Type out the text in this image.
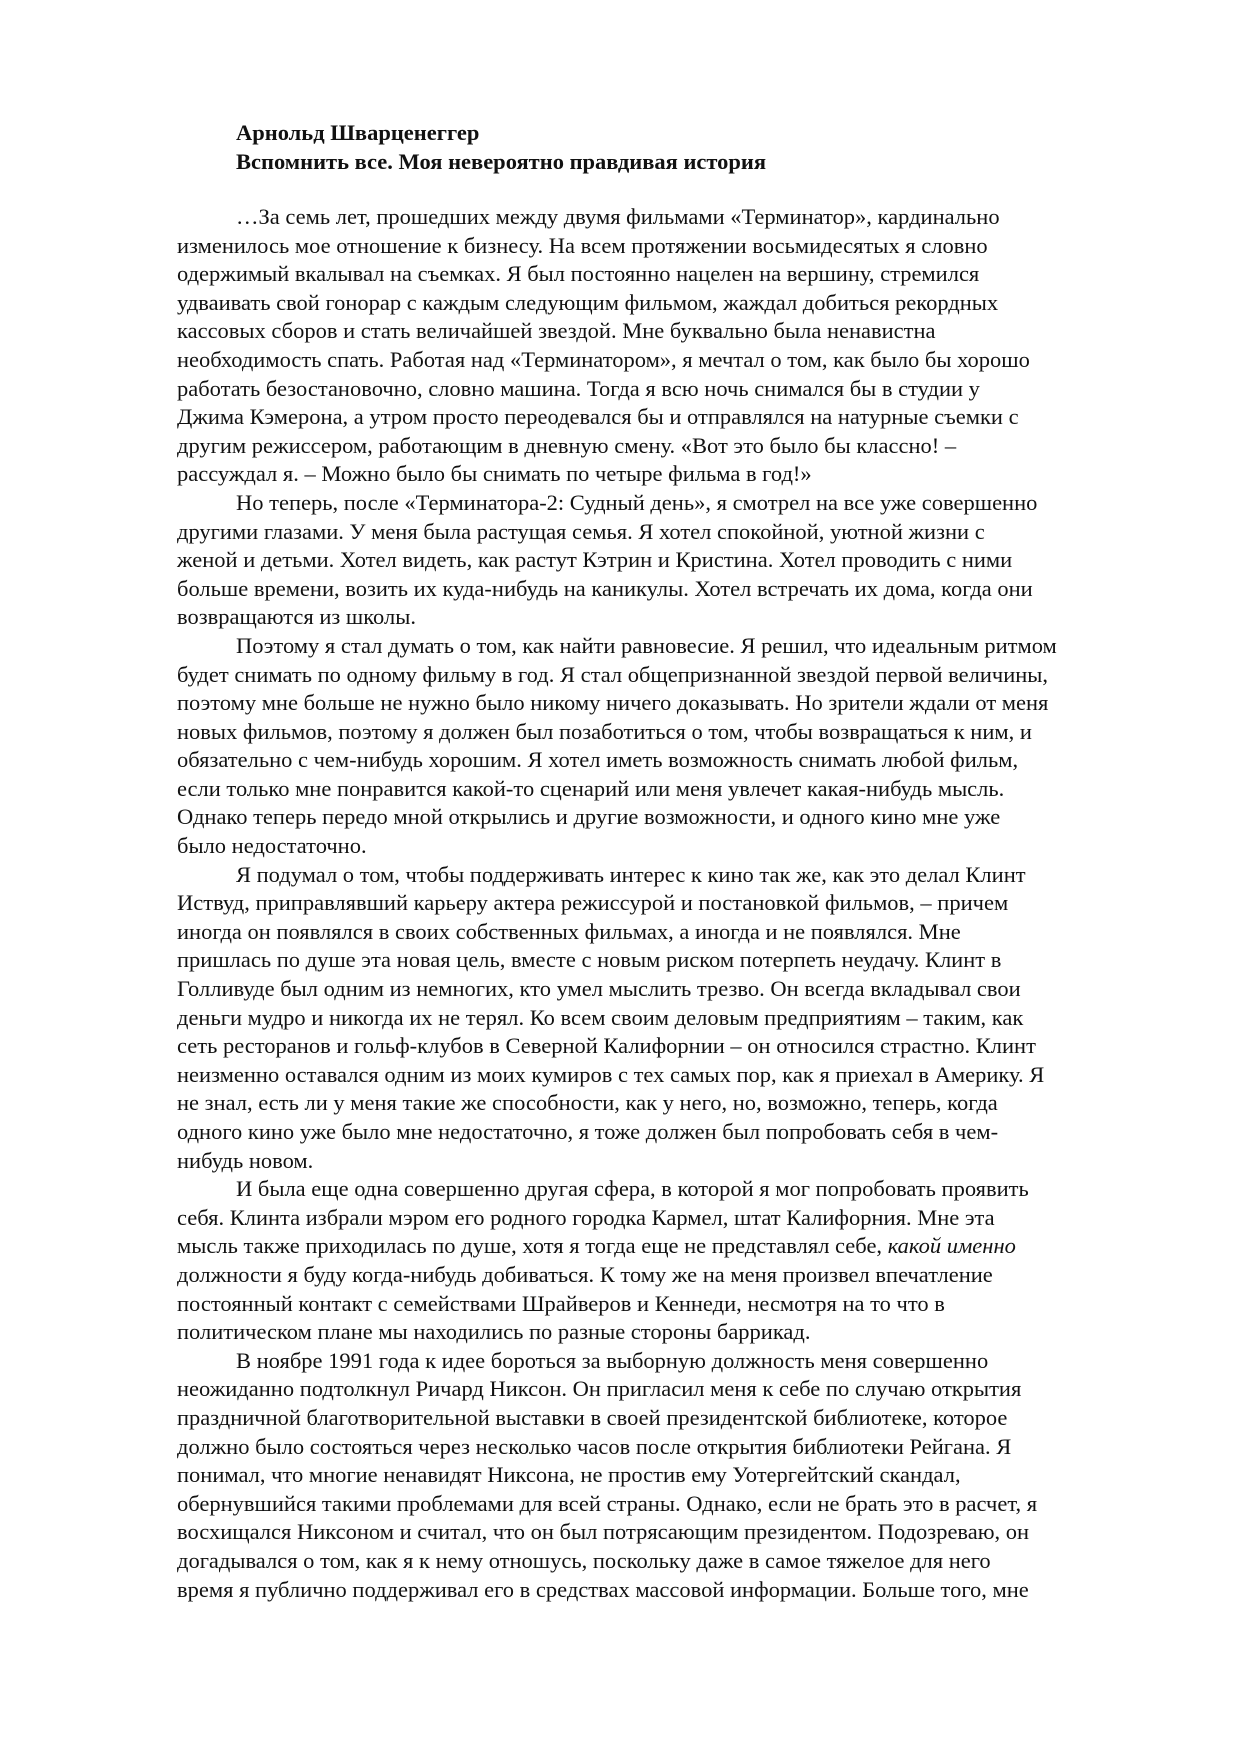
Арнольд Шварценеггер
Вспомнить все. Моя невероятно правдивая история
…За семь лет, прошедших между двумя фильмами «Терминатор», кардинально
изменилось мое отношение к бизнесу. На всем протяжении восьмидесятых я словно
одержимый вкалывал на съемках. Я был постоянно нацелен на вершину, стремился
удваивать свой гонорар с каждым следующим фильмом, жаждал добиться рекордных
кассовых сборов и стать величайшей звездой. Мне буквально была ненавистна
необходимость спать. Работая над «Терминатором», я мечтал о том, как было бы хорошо
работать безостановочно, словно машина. Тогда я всю ночь снимался бы в студии у
Джима Кэмерона, а утром просто переодевался бы и отправлялся на натурные съемки с
другим режиссером, работающим в дневную смену. «Вот это было бы классно! –
рассуждал я. – Можно было бы снимать по четыре фильма в год!»
Но теперь, после «Терминатора-2: Судный день», я смотрел на все уже совершенно
другими глазами. У меня была растущая семья. Я хотел спокойной, уютной жизни с
женой и детьми. Хотел видеть, как растут Кэтрин и Кристина. Хотел проводить с ними
больше времени, возить их куда-нибудь на каникулы. Хотел встречать их дома, когда они
возвращаются из школы.
Поэтому я стал думать о том, как найти равновесие. Я решил, что идеальным ритмом
будет снимать по одному фильму в год. Я стал общепризнанной звездой первой величины,
поэтому мне больше не нужно было никому ничего доказывать. Но зрители ждали от меня
новых фильмов, поэтому я должен был позаботиться о том, чтобы возвращаться к ним, и
обязательно с чем-нибудь хорошим. Я хотел иметь возможность снимать любой фильм,
если только мне понравится какой-то сценарий или меня увлечет какая-нибудь мысль.
Однако теперь передо мной открылись и другие возможности, и одного кино мне уже
было недостаточно.
Я подумал о том, чтобы поддерживать интерес к кино так же, как это делал Клинт
Иствуд, приправлявший карьеру актера режиссурой и постановкой фильмов, – причем
иногда он появлялся в своих собственных фильмах, а иногда и не появлялся. Мне
пришлась по душе эта новая цель, вместе с новым риском потерпеть неудачу. Клинт в
Голливуде был одним из немногих, кто умел мыслить трезво. Он всегда вкладывал свои
деньги мудро и никогда их не терял. Ко всем своим деловым предприятиям – таким, как
сеть ресторанов и гольф-клубов в Северной Калифорнии – он относился страстно. Клинт
неизменно оставался одним из моих кумиров с тех самых пор, как я приехал в Америку. Я
не знал, есть ли у меня такие же способности, как у него, но, возможно, теперь, когда
одного кино уже было мне недостаточно, я тоже должен был попробовать себя в чем-
нибудь новом.
И была еще одна совершенно другая сфера, в которой я мог попробовать проявить
себя. Клинта избрали мэром его родного городка Кармел, штат Калифорния. Мне эта
мысль также приходилась по душе, хотя я тогда еще не представлял себе, какой именно
должности я буду когда-нибудь добиваться. К тому же на меня произвел впечатление
постоянный контакт с семействами Шрайверов и Кеннеди, несмотря на то что в
политическом плане мы находились по разные стороны баррикад.
В ноябре 1991 года к идее бороться за выборную должность меня совершенно
неожиданно подтолкнул Ричард Никсон. Он пригласил меня к себе по случаю открытия
праздничной благотворительной выставки в своей президентской библиотеке, которое
должно было состояться через несколько часов после открытия библиотеки Рейгана. Я
понимал, что многие ненавидят Никсона, не простив ему Уотергейтский скандал,
обернувшийся такими проблемами для всей страны. Однако, если не брать это в расчет, я
восхищался Никсоном и считал, что он был потрясающим президентом. Подозреваю, он
догадывался о том, как я к нему отношусь, поскольку даже в самое тяжелое для него
время я публично поддерживал его в средствах массовой информации. Больше того, мне
